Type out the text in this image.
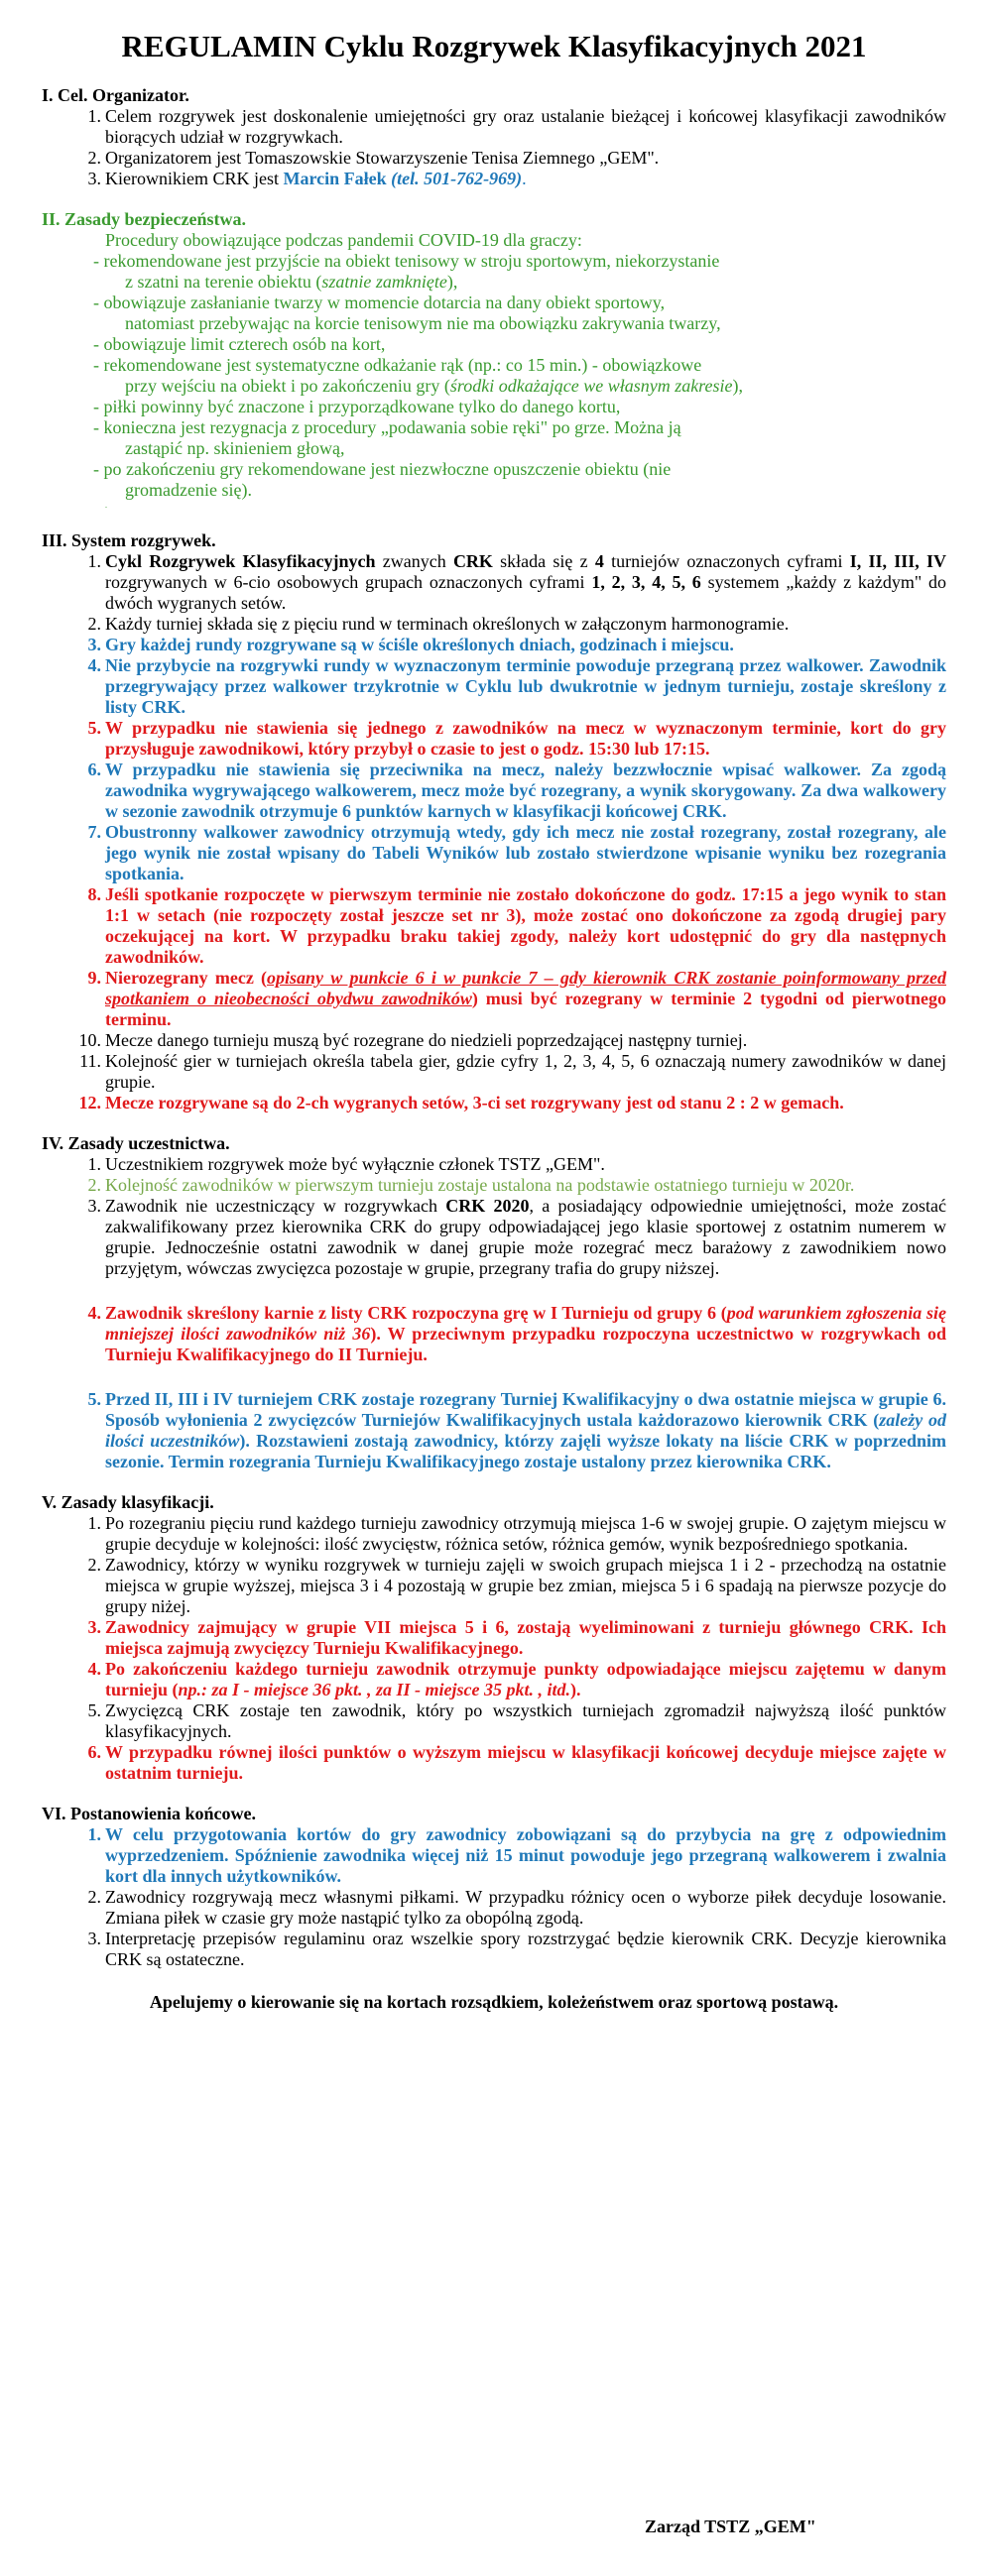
REGULAMIN Cyklu Rozgrywek Klasyfikacyjnych 2021
I. Cel. Organizator.
1. Celem rozgrywek jest doskonalenie umiejętności gry oraz ustalanie bieżącej i końcowej klasyfikacji zawodników biorących udział w rozgrywkach.
2. Organizatorem jest Tomaszowskie Stowarzyszenie Tenisa Ziemnego „GEM".
3. Kierownikiem CRK jest Marcin Fałek (tel. 501-762-969).
II. Zasady bezpieczeństwa.
Procedury obowiązujące podczas pandemii COVID-19 dla graczy:
- rekomendowane jest przyjście na obiekt tenisowy w stroju sportowym, niekorzystanie
z szatni na terenie obiektu (szatnie zamknięte),
- obowiązuje zasłanianie twarzy w momencie dotarcia na dany obiekt sportowy,
natomiast przebywając na korcie tenisowym nie ma obowiązku zakrywania twarzy,
- obowiązuje limit czterech osób na kort,
- rekomendowane jest systematyczne odkażanie rąk (np.: co 15 min.) - obowiązkowe
przy wejściu na obiekt i po zakończeniu gry (środki odkażające we własnym zakresie),
- piłki powinny być znaczone i przyporządkowane tylko do danego kortu,
- konieczna jest rezygnacja z procedury „podawania sobie ręki" po grze. Można ją
zastąpić np. skinieniem głową,
- po zakończeniu gry rekomendowane jest niezwłoczne opuszczenie obiektu (nie
gromadzenie się).
.
III. System rozgrywek.
1. Cykl Rozgrywek Klasyfikacyjnych zwanych CRK składa się z 4 turniejów oznaczonych cyframi I, II, III, IV rozgrywanych w 6-cio osobowych grupach oznaczonych cyframi 1, 2, 3, 4, 5, 6 systemem „każdy z każdym" do dwóch wygranych setów.
2. Każdy turniej składa się z pięciu rund w terminach określonych w załączonym harmonogramie.
3. Gry każdej rundy rozgrywane są w ściśle określonych dniach, godzinach i miejscu.
4. Nie przybycie na rozgrywki rundy w wyznaczonym terminie powoduje przegraną przez walkower. Zawodnik przegrywający przez walkower trzykrotnie w Cyklu lub dwukrotnie w jednym turnieju, zostaje skreślony z listy CRK.
5. W przypadku nie stawienia się jednego z zawodników na mecz w wyznaczonym terminie, kort do gry przysługuje zawodnikowi, który przybył o czasie to jest o godz. 15:30 lub 17:15.
6. W przypadku nie stawienia się przeciwnika na mecz, należy bezzwłocznie wpisać walkower. Za zgodą zawodnika wygrywającego walkowerem, mecz może być rozegrany, a wynik skorygowany. Za dwa walkowery w sezonie zawodnik otrzymuje 6 punktów karnych w klasyfikacji końcowej CRK.
7. Obustronny walkower zawodnicy otrzymują wtedy, gdy ich mecz nie został rozegrany, został rozegrany, ale jego wynik nie został wpisany do Tabeli Wyników lub zostało stwierdzone wpisanie wyniku bez rozegrania spotkania.
8. Jeśli spotkanie rozpoczęte w pierwszym terminie nie zostało dokończone do godz. 17:15 a jego wynik to stan 1:1 w setach (nie rozpoczęty został jeszcze set nr 3), może zostać ono dokończone za zgodą drugiej pary oczekującej na kort. W przypadku braku takiej zgody, należy kort udostępnić do gry dla następnych zawodników.
9. Nierozegrany mecz (opisany w punkcie 6 i w punkcie 7 – gdy kierownik CRK zostanie poinformowany przed spotkaniem o nieobecności obydwu zawodników) musi być rozegrany w terminie 2 tygodni od pierwotnego terminu.
10. Mecze danego turnieju muszą być rozegrane do niedzieli poprzedzającej następny turniej.
11. Kolejność gier w turniejach określa tabela gier, gdzie cyfry 1, 2, 3, 4, 5, 6 oznaczają numery zawodników w danej grupie.
12. Mecze rozgrywane są do 2-ch wygranych setów, 3-ci set rozgrywany jest od stanu 2 : 2 w gemach.
IV. Zasady uczestnictwa.
1. Uczestnikiem rozgrywek może być wyłącznie członek TSTZ „GEM".
2. Kolejność zawodników w pierwszym turnieju zostaje ustalona na podstawie ostatniego turnieju w 2020r.
3. Zawodnik nie uczestniczący w rozgrywkach CRK 2020, a posiadający odpowiednie umiejętności, może zostać zakwalifikowany przez kierownika CRK do grupy odpowiadającej jego klasie sportowej z ostatnim numerem w grupie. Jednocześnie ostatni zawodnik w danej grupie może rozegrać mecz barażowy z zawodnikiem nowo przyjętym, wówczas zwycięzca pozostaje w grupie, przegrany trafia do grupy niższej.
4. Zawodnik skreślony karnie z listy CRK rozpoczyna grę w I Turnieju od grupy 6 (pod warunkiem zgłoszenia się mniejszej ilości zawodników niż 36). W przeciwnym przypadku rozpoczyna uczestnictwo w rozgrywkach od Turnieju Kwalifikacyjnego do II Turnieju.
5. Przed II, III i IV turniejem CRK zostaje rozegrany Turniej Kwalifikacyjny o dwa ostatnie miejsca w grupie 6. Sposób wyłonienia 2 zwycięzców Turniejów Kwalifikacyjnych ustala każdorazowo kierownik CRK (zależy od ilości uczestników). Rozstawieni zostają zawodnicy, którzy zajęli wyższe lokaty na liście CRK w poprzednim sezonie. Termin rozegrania Turnieju Kwalifikacyjnego zostaje ustalony przez kierownika CRK.
V. Zasady klasyfikacji.
1. Po rozegraniu pięciu rund każdego turnieju zawodnicy otrzymują miejsca 1-6 w swojej grupie. O zajętym miejscu w grupie decyduje w kolejności: ilość zwycięstw, różnica setów, różnica gemów, wynik bezpośredniego spotkania.
2. Zawodnicy, którzy w wyniku rozgrywek w turnieju zajęli w swoich grupach miejsca 1 i 2 - przechodzą na ostatnie miejsca w grupie wyższej, miejsca 3 i 4 pozostają w grupie bez zmian, miejsca 5 i 6 spadają na pierwsze pozycje do grupy niżej.
3. Zawodnicy zajmujący w grupie VII miejsca 5 i 6, zostają wyeliminowani z turnieju głównego CRK. Ich miejsca zajmują zwycięzcy Turnieju Kwalifikacyjnego.
4. Po zakończeniu każdego turnieju zawodnik otrzymuje punkty odpowiadające miejscu zajętemu w danym turnieju (np.: za I - miejsce 36 pkt. , za II - miejsce 35 pkt. , itd.).
5. Zwycięzcą CRK zostaje ten zawodnik, który po wszystkich turniejach zgromadził najwyższą ilość punktów klasyfikacyjnych.
6. W przypadku równej ilości punktów o wyższym miejscu w klasyfikacji końcowej decyduje miejsce zajęte w ostatnim turnieju.
VI. Postanowienia końcowe.
1. W celu przygotowania kortów do gry zawodnicy zobowiązani są do przybycia na grę z odpowiednim wyprzedzeniem. Spóźnienie zawodnika więcej niż 15 minut powoduje jego przegraną walkowerem i zwalnia kort dla innych użytkowników.
2. Zawodnicy rozgrywają mecz własnymi piłkami. W przypadku różnicy ocen o wyborze piłek decyduje losowanie. Zmiana piłek w czasie gry może nastąpić tylko za obopólną zgodą.
3. Interpretację przepisów regulaminu oraz wszelkie spory rozstrzygać będzie kierownik CRK. Decyzje kierownika CRK są ostateczne.
Apelujemy o kierowanie się na kortach rozsądkiem, koleżeństwem oraz sportową postawą.
Zarząd TSTZ „GEM"
